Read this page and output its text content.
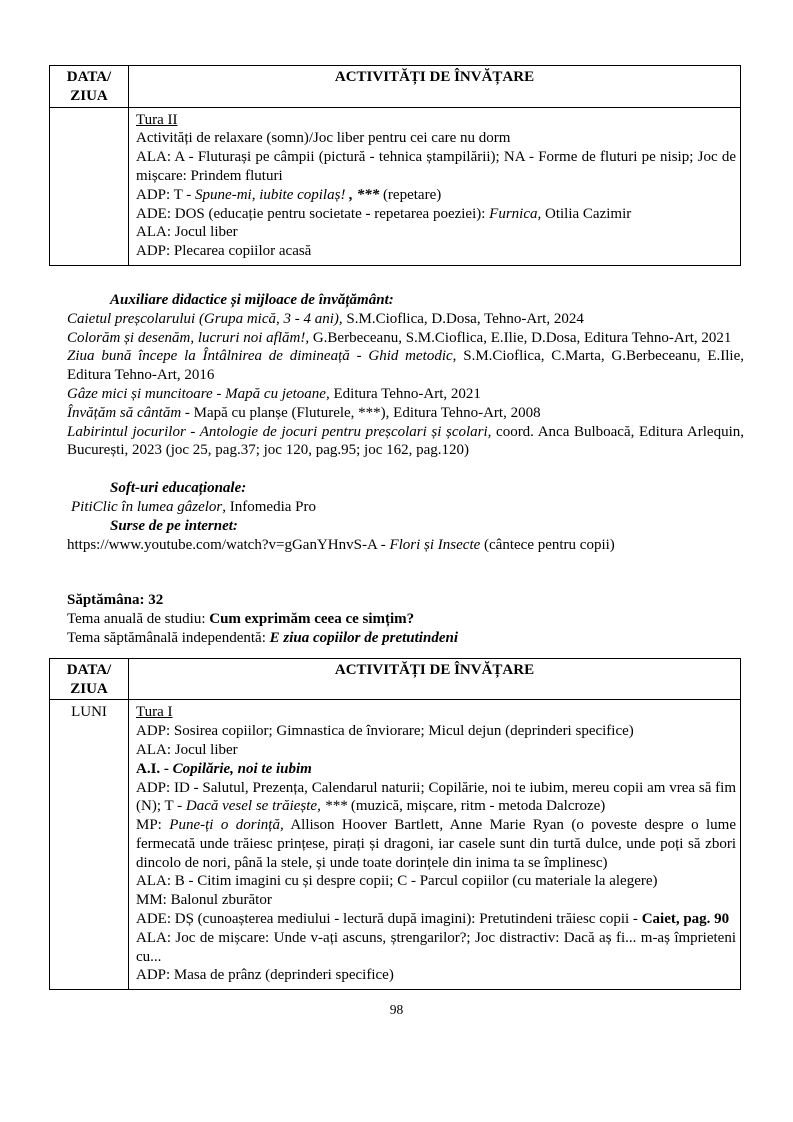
DATA/
ZIUA	ACTIVITĂȚI DE ÎNVĂȚARE

Tura II
Activități de relaxare (somn)/Joc liber pentru cei care nu dorm
ALA: A - Fluturași pe câmpii (pictură - tehnica ștampilării); NA - Forme de fluturi pe nisip; Joc de mișcare: Prindem fluturi
ADP: T - Spune-mi, iubite copilaș! , *** (repetare)
ADE: DOS (educație pentru societate - repetarea poeziei): Furnica, Otilia Cazimir
ALA: Jocul liber
ADP: Plecarea copiilor acasă
Auxiliare didactice și mijloace de învățământ:
Caietul preșcolarului (Grupa mică, 3 - 4 ani), S.M.Cioflica, D.Dosa, Tehno-Art, 2024
Colorăm și desenăm, lucruri noi aflăm!, G.Berbeceanu, S.M.Cioflica, E.Ilie, D.Dosa, Editura Tehno-Art, 2021
Ziua bună începe la Întâlnirea de dimineață - Ghid metodic, S.M.Cioflica, C.Marta, G.Berbeceanu, E.Ilie, Editura Tehno-Art, 2016
Gâze mici și muncitoare - Mapă cu jetoane, Editura Tehno-Art, 2021
Învățăm să cântăm - Mapă cu planșe (Fluturele, ***), Editura Tehno-Art, 2008
Labirintul jocurilor - Antologie de jocuri pentru preșcolari și școlari, coord. Anca Bulboacă, Editura Arlequin, București, 2023 (joc 25, pag.37; joc 120, pag.95; joc 162, pag.120)
Soft-uri educaționale:
PitiClic în lumea gâzelor, Infomedia Pro
Surse de pe internet:
https://www.youtube.com/watch?v=gGanYHnvS-A - Flori și Insecte (cântece pentru copii)
Săptămâna: 32
Tema anuală de studiu: Cum exprimăm ceea ce simțim?
Tema săptămânală independentă: E ziua copiilor de pretutindeni
DATA/
ZIUA	ACTIVITĂȚI DE ÎNVĂȚARE
LUNI	Tura I
ADP: Sosirea copiilor; Gimnastica de înviorare; Micul dejun (deprinderi specifice)
ALA: Jocul liber
A.I. - Copilărie, noi te iubim
ADP: ID - Salutul, Prezența, Calendarul naturii; Copilărie, noi te iubim, mereu copii am vrea să fim (N); T - Dacă vesel se trăiește, *** (muzică, mișcare, ritm - metoda Dalcroze)
MP: Pune-ți o dorință, Allison Hoover Bartlett, Anne Marie Ryan (o poveste despre o lume fermecată unde trăiesc prințese, pirați și dragoni, iar casele sunt din turtă dulce, unde poți să zbori dincolo de nori, până la stele, și unde toate dorințele din inima ta se împlinesc)
ALA: B - Citim imagini cu și despre copii; C - Parcul copiilor (cu materiale la alegere)
MM: Balonul zburător
ADE: DȘ (cunoașterea mediului - lectură după imagini): Pretutindeni trăiesc copii - Caiet, pag. 90
ALA: Joc de mișcare: Unde v-ați ascuns, ștrengarilor?; Joc distractiv: Dacă aș fi... m-aș împrieteni cu...
ADP: Masa de prânz (deprinderi specifice)
98
